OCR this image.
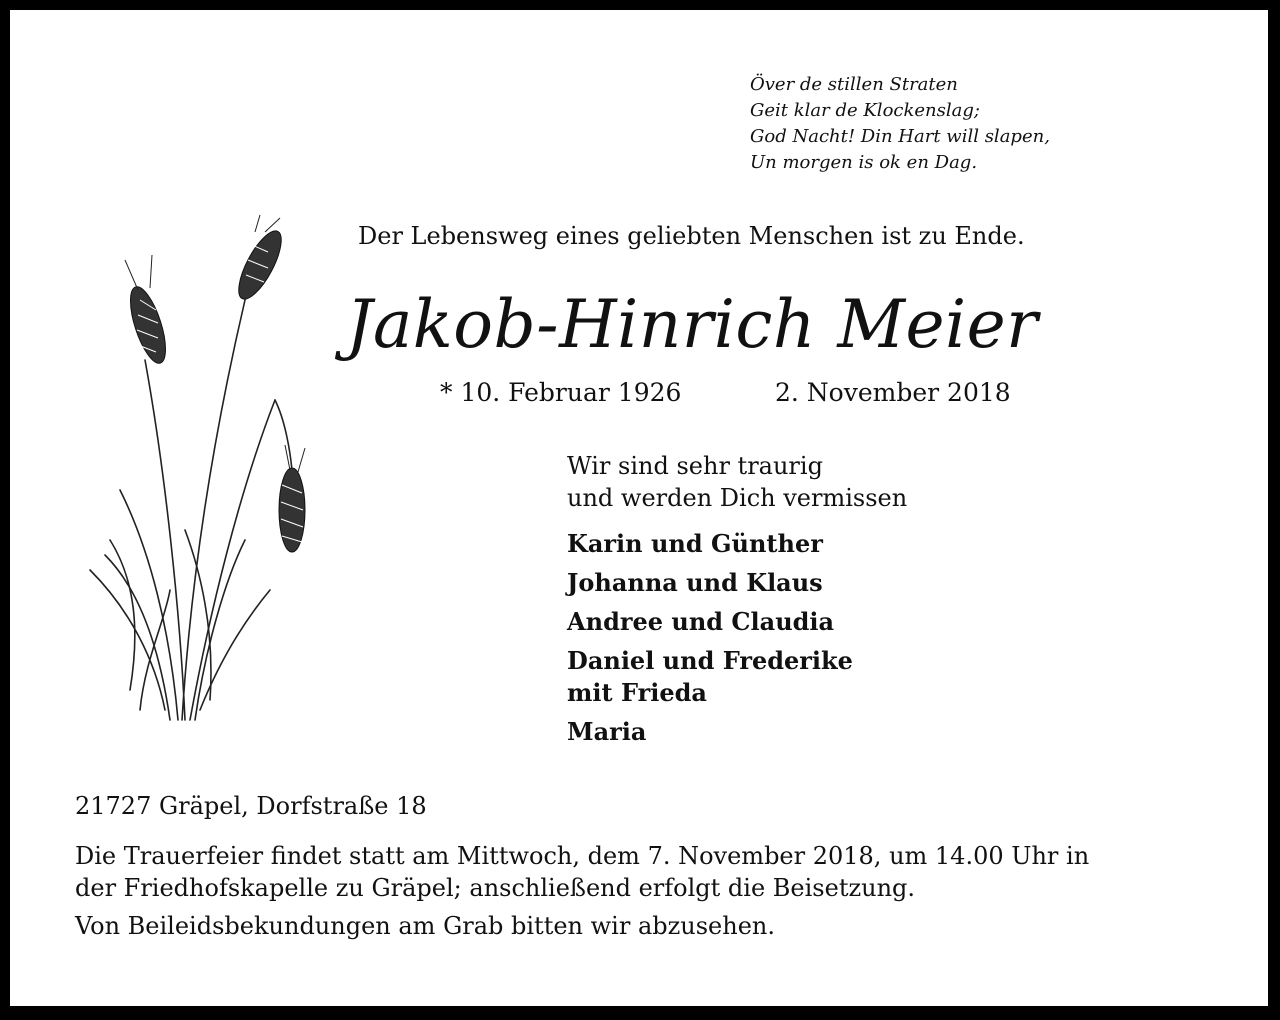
Över de stillen Straten
Geit klar de Klockenslag;
God Nacht! Din Hart will slapen,
Un morgen is ok en Dag.
Der Lebensweg eines geliebten Menschen ist zu Ende.
Jakob-Hinrich Meier
* 10. Februar 1926	2. November 2018
Wir sind sehr traurig
und werden Dich vermissen
Karin und Günther
Johanna und Klaus
Andree und Claudia
Daniel und Frederike
mit Frieda
Maria
21727 Gräpel, Dorfstraße 18
Die Trauerfeier findet statt am Mittwoch, dem 7. November 2018, um 14.00 Uhr in
der Friedhofskapelle zu Gräpel; anschließend erfolgt die Beisetzung.
Von Beileidsbekundungen am Grab bitten wir abzusehen.
